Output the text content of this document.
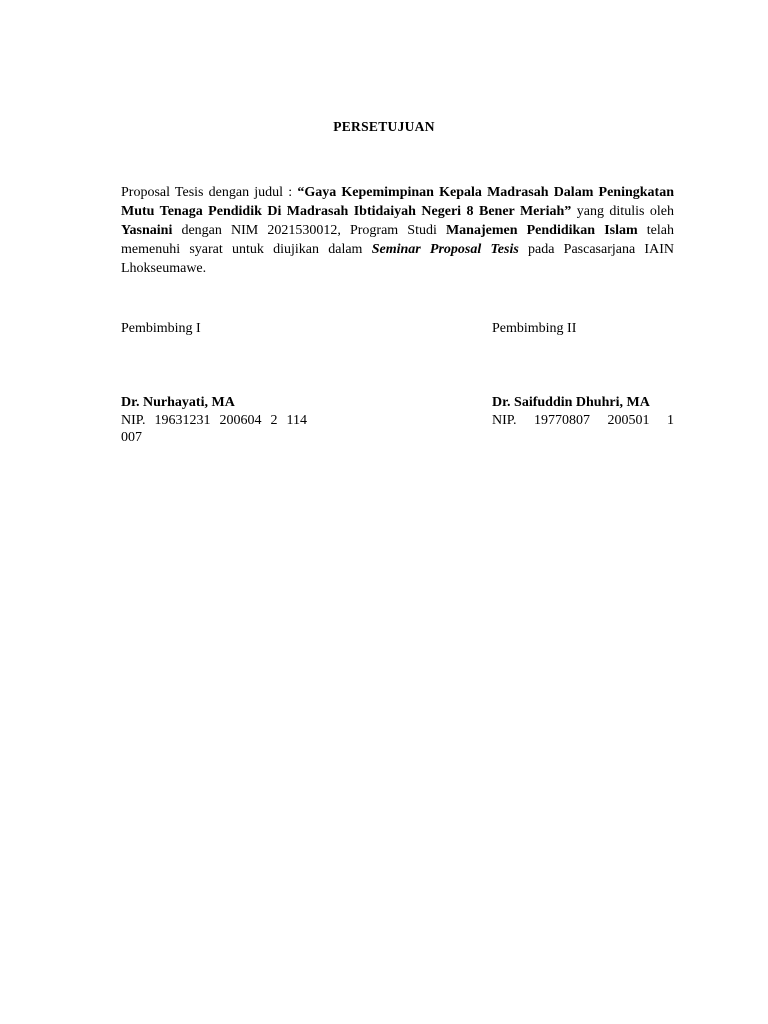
PERSETUJUAN

Proposal Tesis dengan judul : “Gaya Kepemimpinan Kepala Madrasah Dalam Peningkatan Mutu Tenaga Pendidik Di Madrasah Ibtidaiyah Negeri 8 Bener Meriah” yang ditulis oleh Yasnaini dengan NIM 2021530012, Program Studi Manajemen Pendidikan Islam telah memenuhi syarat untuk diujikan dalam Seminar Proposal Tesis pada Pascasarjana IAIN Lhokseumawe.

Pembimbing I	Pembimbing II
Dr. Nurhayati, MA	Dr. Saifuddin Dhuhri, MA
NIP. 19631231 200604 2 114 007
NIP. 19770807 200501 1
